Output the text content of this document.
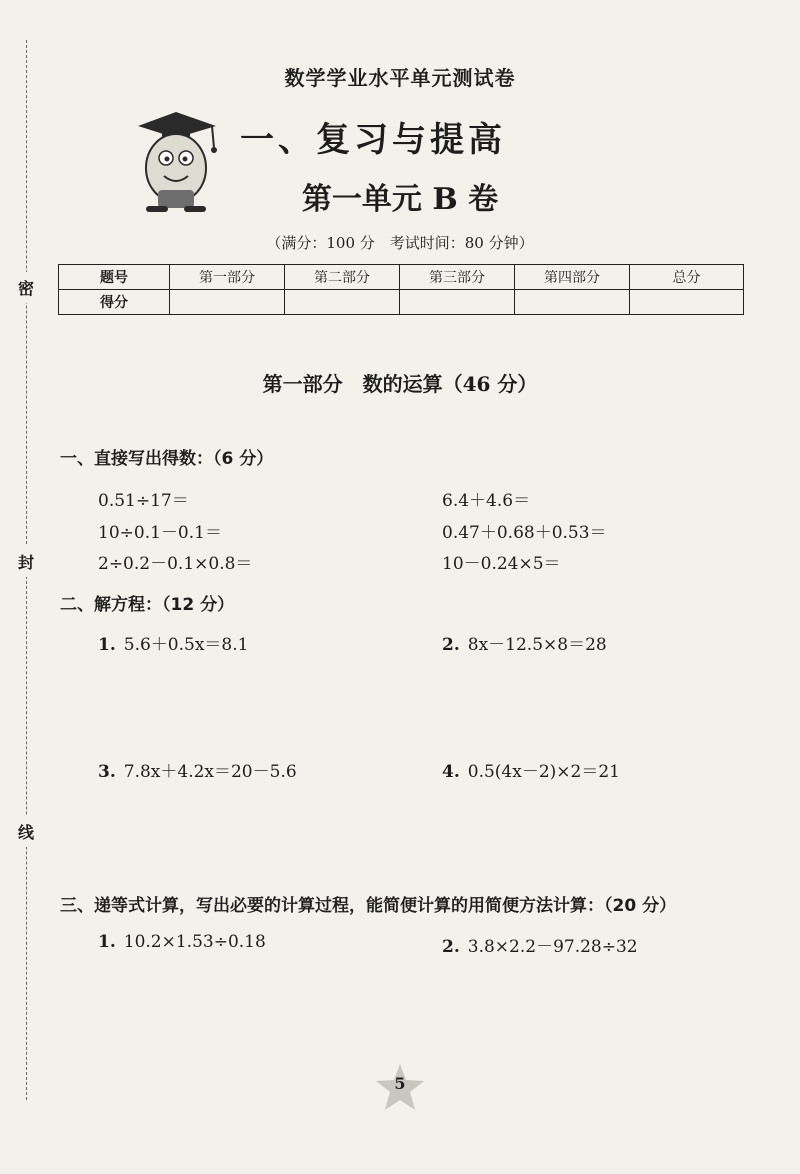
密
封
线
数学学业水平单元测试卷
一、复习与提高
第一单元 B 卷
（满分：100 分　考试时间：80 分钟）
题号	第一部分	第二部分	第三部分	第四部分	总分
得分					
第一部分　数的运算（46 分）
一、直接写出得数：（6 分）
0.51÷17＝
10÷0.1－0.1＝
2÷0.2－0.1×0.8＝
6.4＋4.6＝
0.47＋0.68＋0.53＝
10－0.24×5＝
二、解方程：（12 分）
1. 5.6＋0.5x＝8.1	2. 8x－12.5×8＝28
3. 7.8x＋4.2x＝20－5.6	4. 0.5(4x－2)×2＝21
三、递等式计算，写出必要的计算过程，能简便计算的用简便方法计算：（20 分）
1. 10.2×1.53÷0.18	2. 3.8×2.2－97.28÷32
5
